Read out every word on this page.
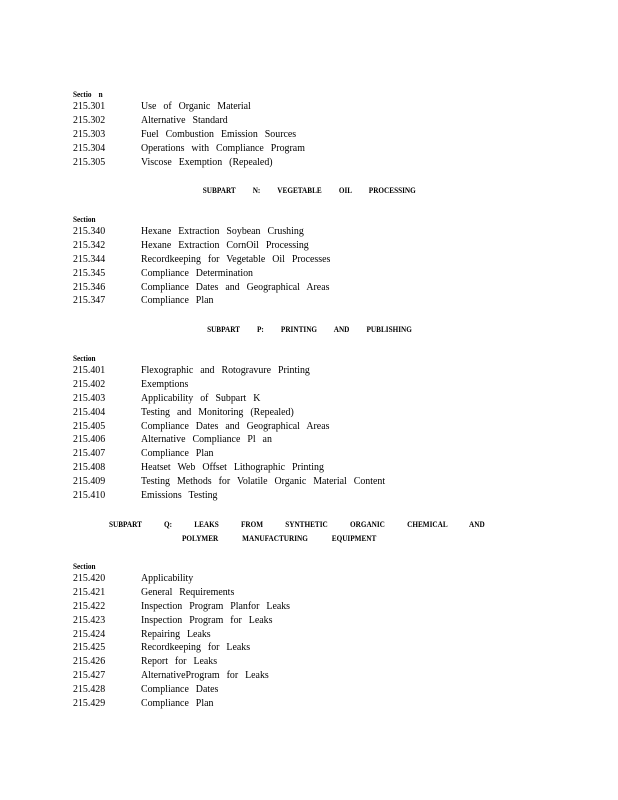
Sectio    n
215.301	Use of Organic Material
215.302	Alternative Standard
215.303	Fuel Combustion Emission Sources
215.304	Operations with Compliance Program
215.305	Viscose Exemption (Repealed)
SUBPART N: VEGETABLE OIL PROCESSING
Section
215.340	Hexane Extraction Soybean Crushing
215.342	Hexane Extraction CornOil Processing
215.344	Recordkeeping for Vegetable Oil Processes
215.345	Compliance Determination
215.346	Compliance Dates and Geographical Areas
215.347	Compliance Plan
SUBPART P: PRINTING AND PUBLISHING
Section
215.401	Flexographic and Rotogravure Printing
215.402	Exemptions
215.403	Applicability of Subpart K
215.404	Testing and Monitoring (Repealed)
215.405	Compliance Dates and Geographical Areas
215.406	Alternative Compliance Pl an
215.407	Compliance Plan
215.408	Heatset Web Offset Lithographic Printing
215.409	Testing Methods for Volatile Organic Material Content
215.410	Emissions Testing
SUBPART Q: LEAKS FROM SYNTHETIC ORGANIC CHEMICAL AND
POLYMER MANUFACTURING EQUIPMENT
Section
215.420	Applicability
215.421	General Requirements
215.422	Inspection Program Planfor Leaks
215.423	Inspection Program for Leaks
215.424	Repairing Leaks
215.425	Recordkeeping for Leaks
215.426	Report for Leaks
215.427	AlternativeProgram for Leaks
215.428	Compliance Dates
215.429	Compliance Plan
